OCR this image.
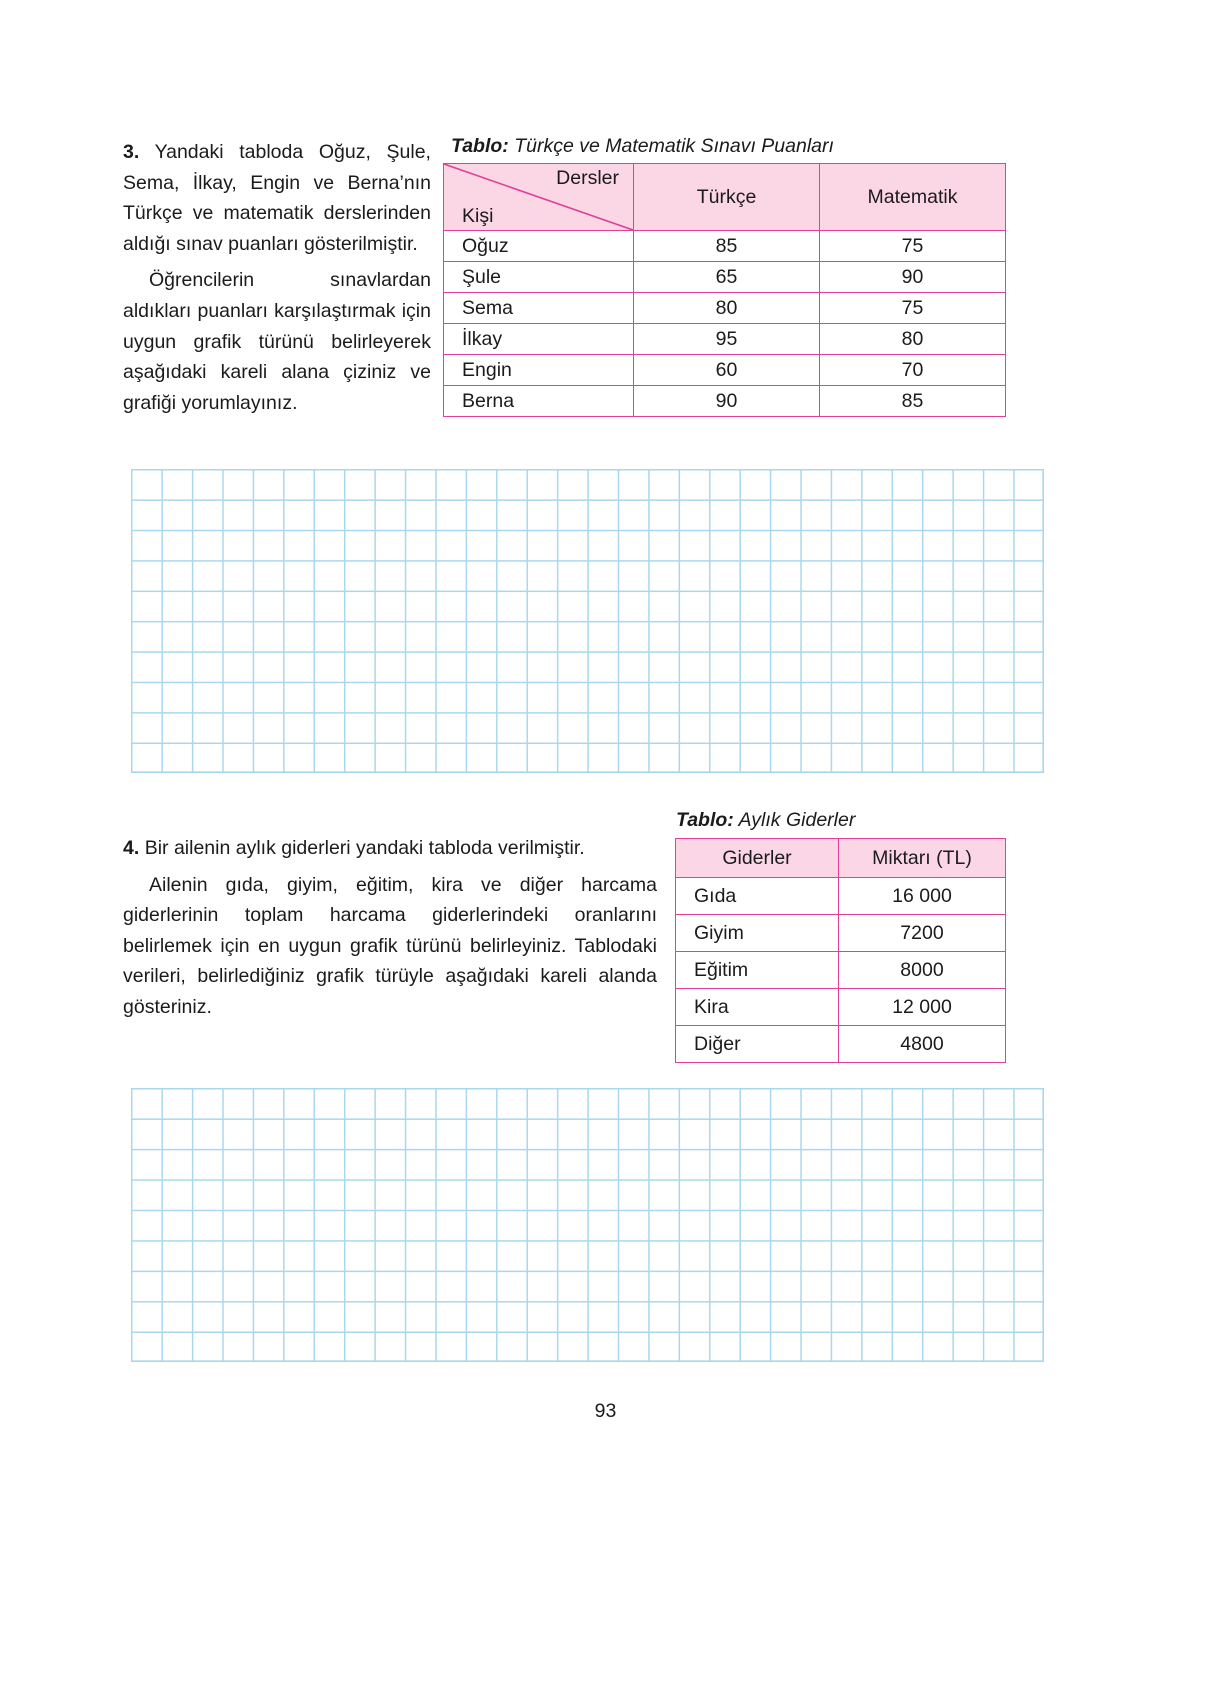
3. Yandaki tabloda Oğuz, Şule, Sema, İlkay, Engin ve Berna’nın Türkçe ve matematik derslerinden aldığı sınav puanları gösterilmiştir.

Öğrencilerin sınavlardan aldıkları puanları karşılaştırmak için uygun grafik türünü belirleyerek aşağıdaki kareli alana çiziniz ve grafiği yorumlayınız.

Tablo: Türkçe ve Matematik Sınavı Puanları
Dersler
Kişi	Türkçe	Matematik
Oğuz	85	75
Şule	65	90
Sema	80	75
İlkay	95	80
Engin	60	70
Berna	90	85

4. Bir ailenin aylık giderleri yandaki tabloda verilmiştir.

Ailenin gıda, giyim, eğitim, kira ve diğer harcama giderlerinin toplam harcama giderlerindeki oranlarını belirlemek için en uygun grafik türünü belirleyiniz. Tablodaki verileri, belirlediğiniz grafik türüyle aşağıdaki kareli alanda gösteriniz.

Tablo: Aylık Giderler
Giderler	Miktarı (TL)
Gıda	16 000
Giyim	7200
Eğitim	8000
Kira	12 000
Diğer	4800
93
